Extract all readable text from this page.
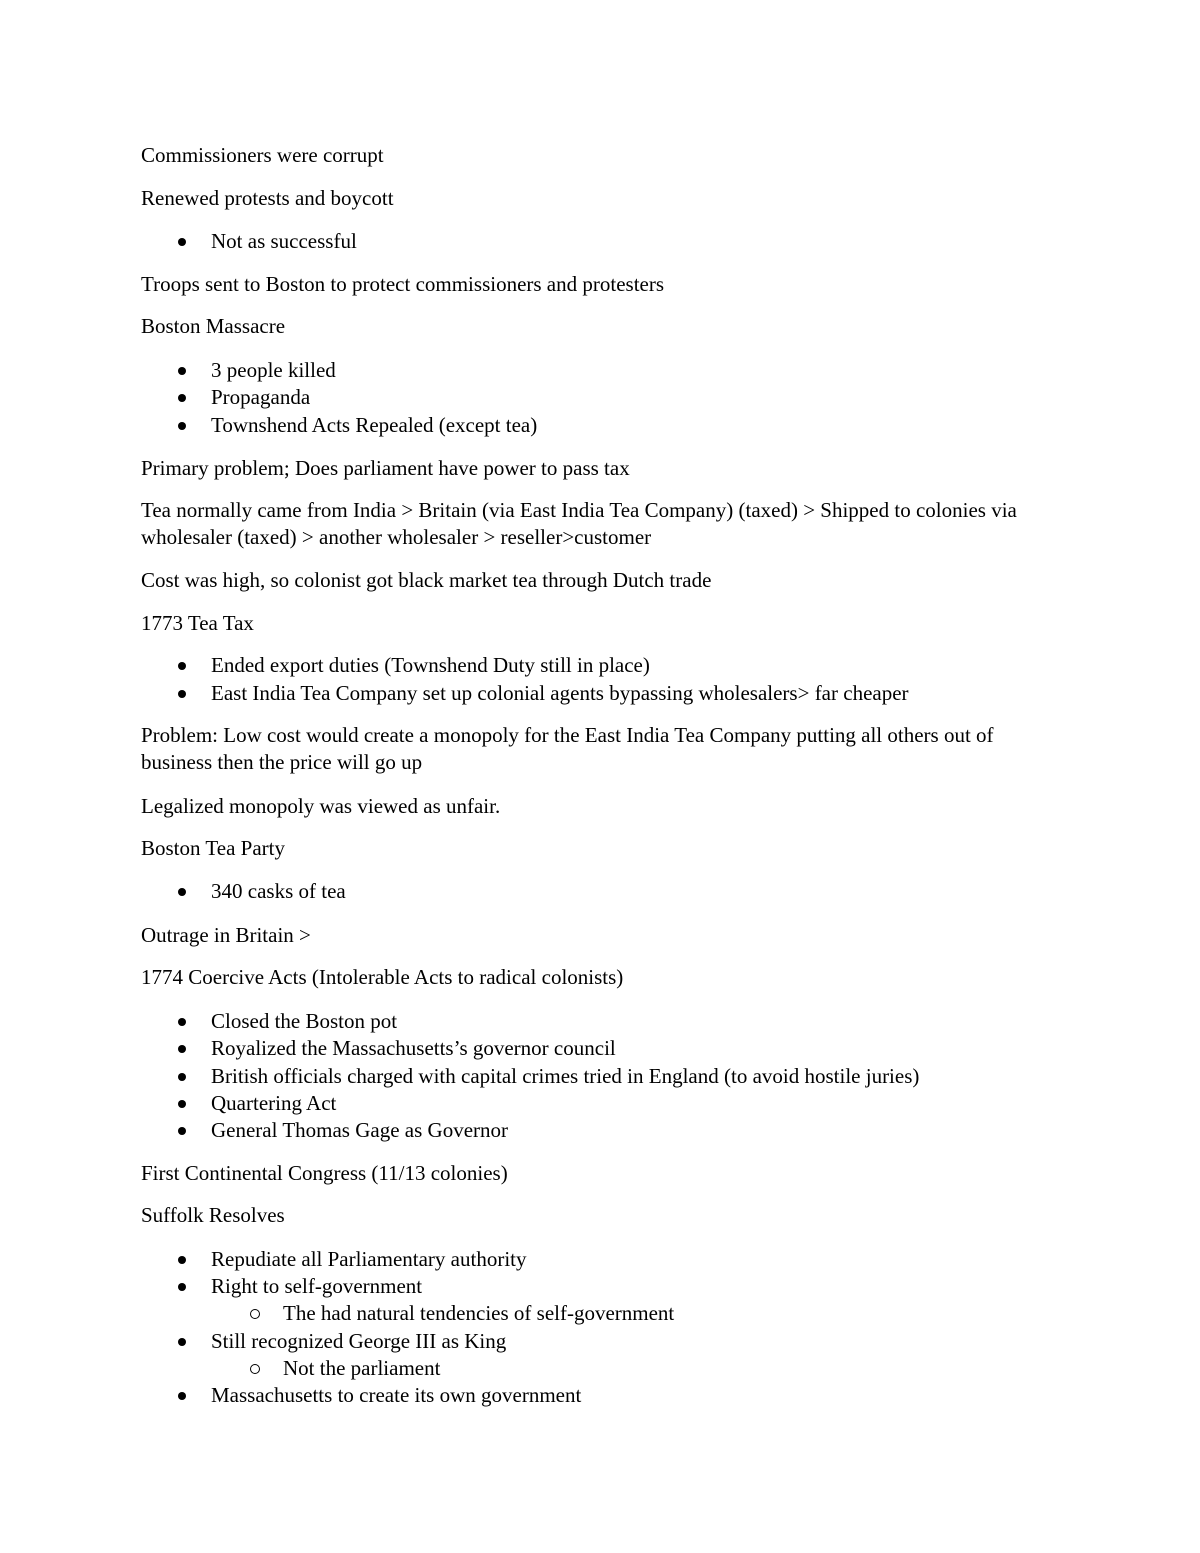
Commissioners were corrupt
Renewed protests and boycott
Not as successful
Troops sent to Boston to protect commissioners and protesters
Boston Massacre
3 people killed
Propaganda
Townshend Acts Repealed (except tea)
Primary problem; Does parliament have power to pass tax
Tea normally came from India > Britain (via East India Tea Company) (taxed) > Shipped to colonies via wholesaler (taxed) > another wholesaler > reseller>customer
Cost was high, so colonist got black market tea through Dutch trade
1773 Tea Tax
Ended export duties (Townshend Duty still in place)
East India Tea Company set up colonial agents bypassing wholesalers> far cheaper
Problem: Low cost would create a monopoly for the East India Tea Company putting all others out of business then the price will go up
Legalized monopoly was viewed as unfair.
Boston Tea Party
340 casks of tea
Outrage in Britain >
1774 Coercive Acts (Intolerable Acts to radical colonists)
Closed the Boston pot
Royalized the Massachusetts’s governor council
British officials charged with capital crimes tried in England (to avoid hostile juries)
Quartering Act
General Thomas Gage as Governor
First Continental Congress (11/13 colonies)
Suffolk Resolves
Repudiate all Parliamentary authority
Right to self-government
The had natural tendencies of self-government
Still recognized George III as King
Not the parliament
Massachusetts to create its own government
